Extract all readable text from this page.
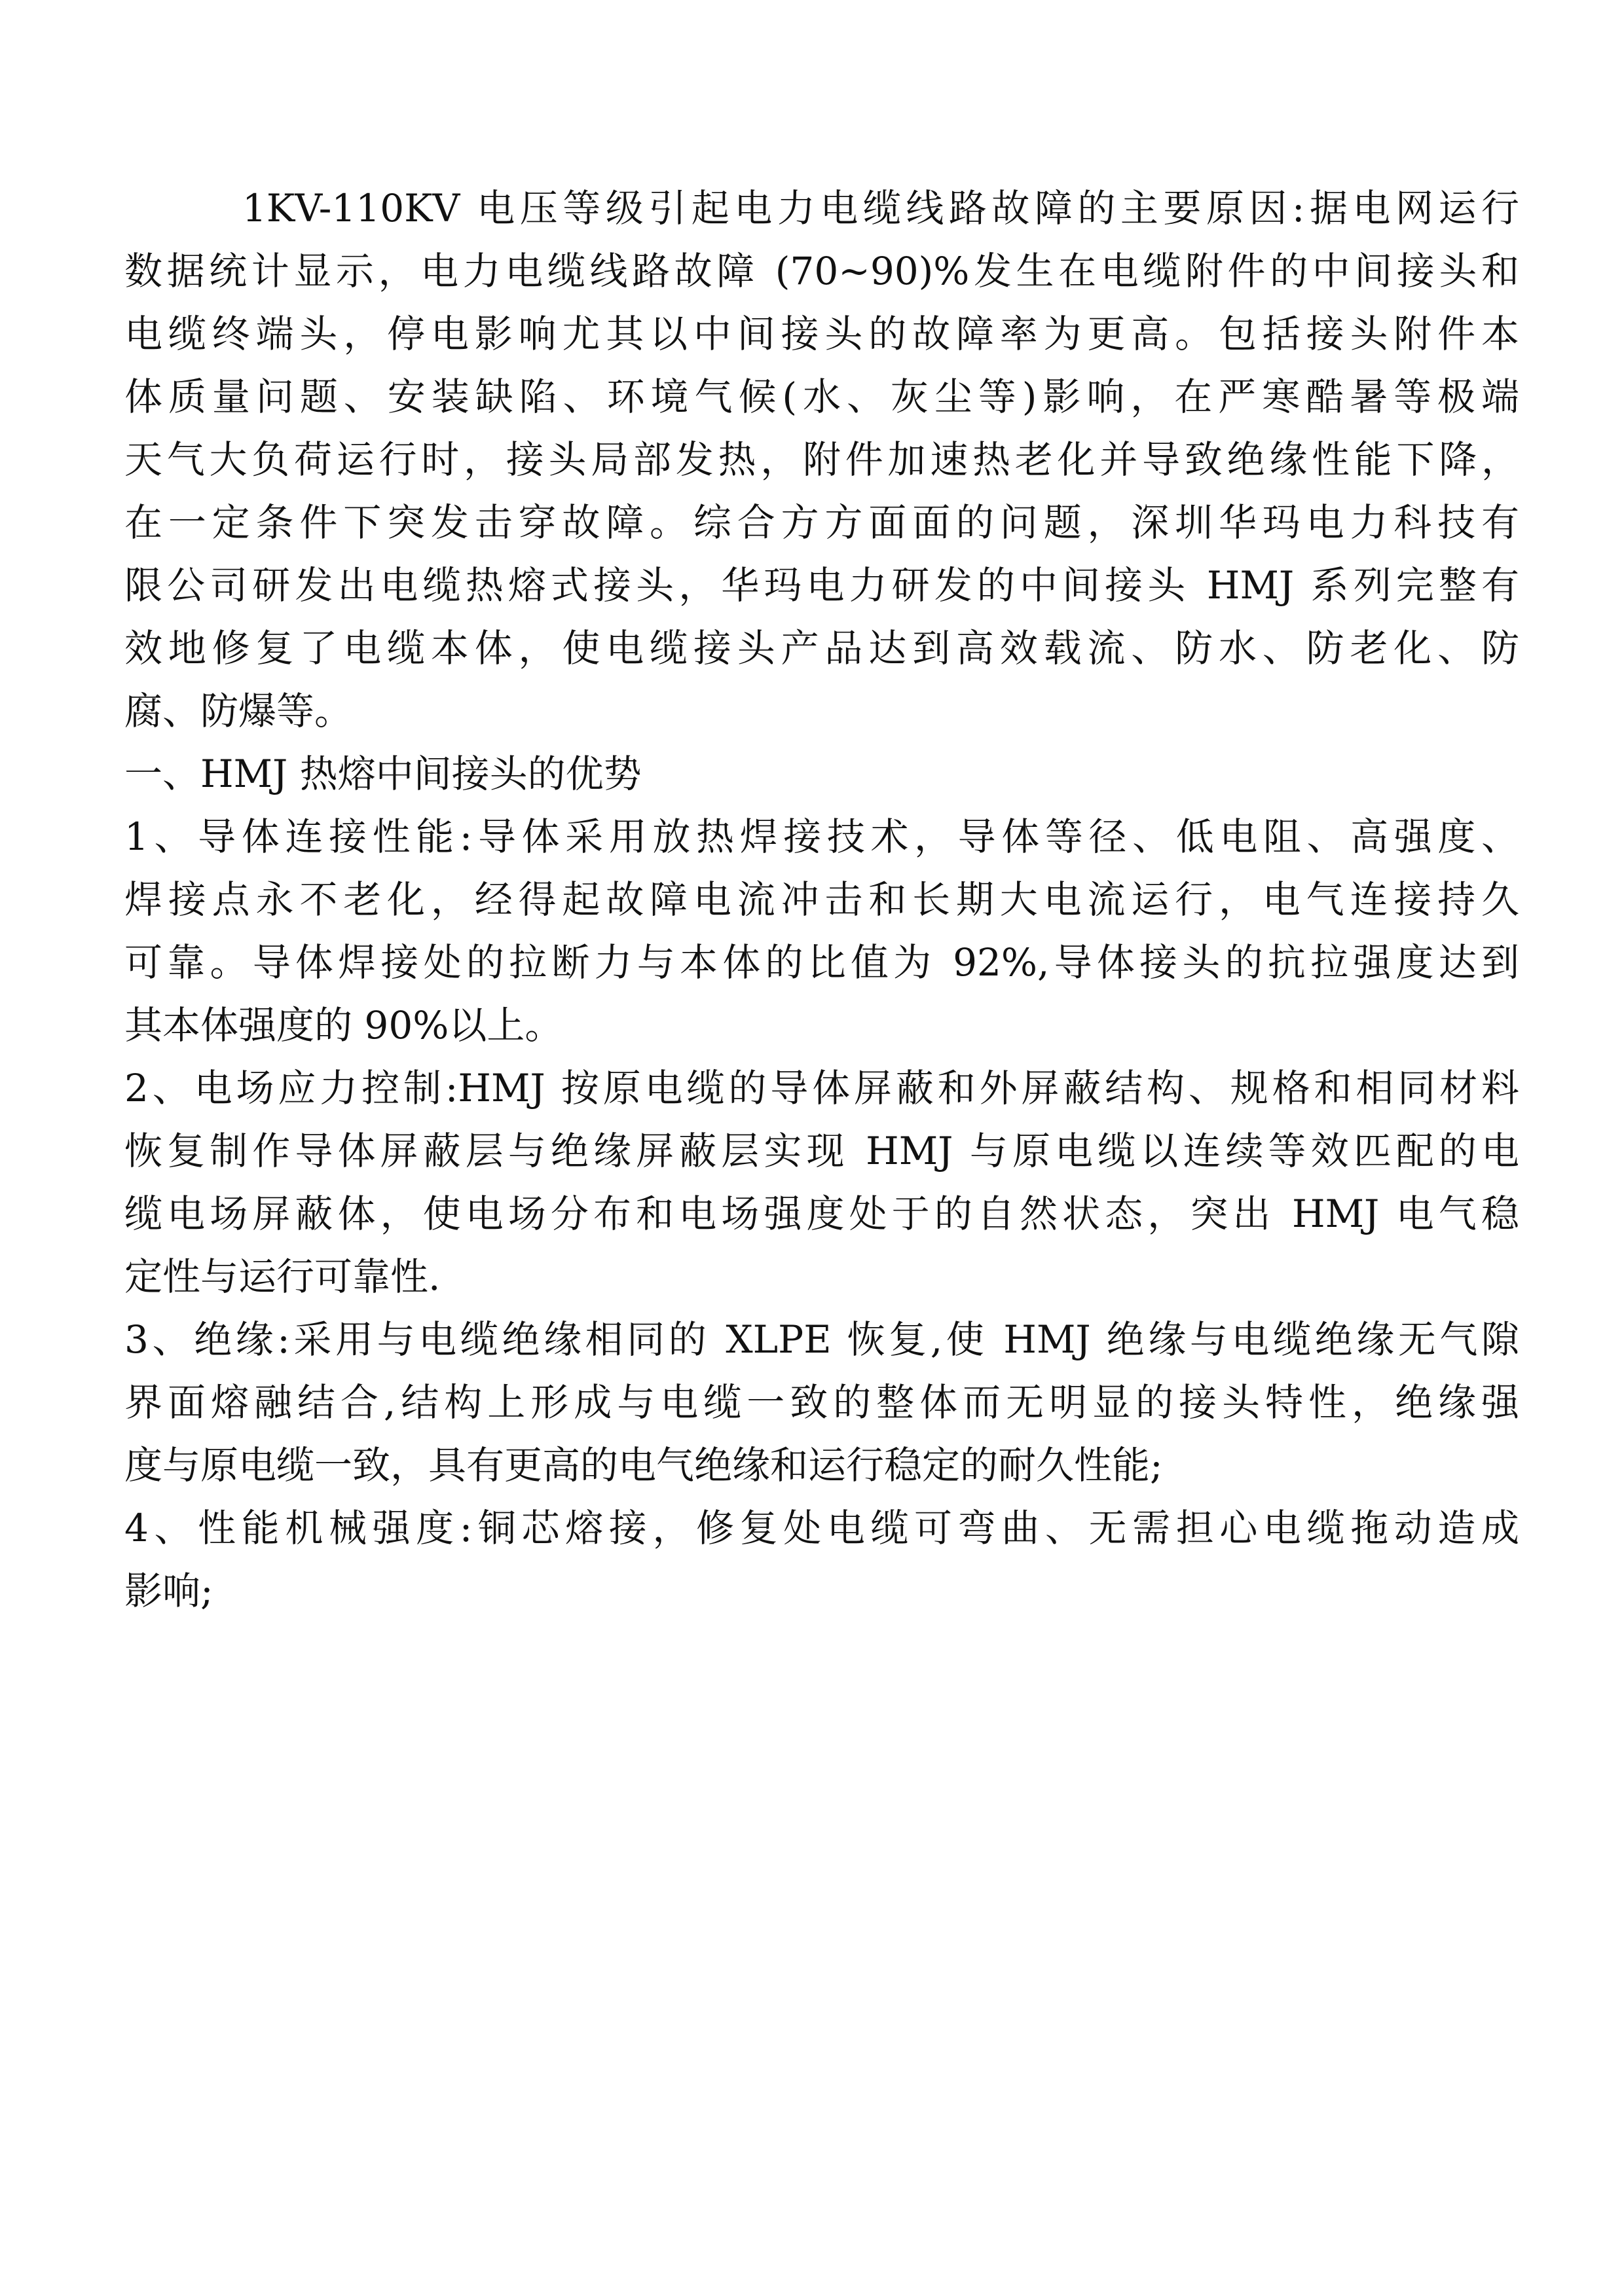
1KV-110KV 电压等级引起电力电缆线路故障的主要原因:据电网运行
数据统计显示，电力电缆线路故障 (70~90)%发生在电缆附件的中间接头和
电缆终端头，停电影响尤其以中间接头的故障率为更高。包括接头附件本
体质量问题、安装缺陷、环境气候(水、灰尘等)影响，在严寒酷暑等极端
天气大负荷运行时，接头局部发热，附件加速热老化并导致绝缘性能下降，
在一定条件下突发击穿故障。综合方方面面的问题，深圳华玛电力科技有
限公司研发出电缆热熔式接头，华玛电力研发的中间接头 HMJ 系列完整有
效地修复了电缆本体，使电缆接头产品达到高效载流、防水、防老化、防
腐、防爆等。
一、HMJ 热熔中间接头的优势
1、导体连接性能:导体采用放热焊接技术，导体等径、低电阻、高强度、
焊接点永不老化，经得起故障电流冲击和长期大电流运行，电气连接持久
可靠。导体焊接处的拉断力与本体的比值为 92%,导体接头的抗拉强度达到
其本体强度的 90%以上。
2、电场应力控制:HMJ 按原电缆的导体屏蔽和外屏蔽结构、规格和相同材料
恢复制作导体屏蔽层与绝缘屏蔽层实现 HMJ 与原电缆以连续等效匹配的电
缆电场屏蔽体，使电场分布和电场强度处于的自然状态，突出 HMJ 电气稳
定性与运行可靠性.
3、绝缘:采用与电缆绝缘相同的 XLPE 恢复,使 HMJ 绝缘与电缆绝缘无气隙
界面熔融结合,结构上形成与电缆一致的整体而无明显的接头特性，绝缘强
度与原电缆一致，具有更高的电气绝缘和运行稳定的耐久性能;
4、性能机械强度:铜芯熔接，修复处电缆可弯曲、无需担心电缆拖动造成
影响;
